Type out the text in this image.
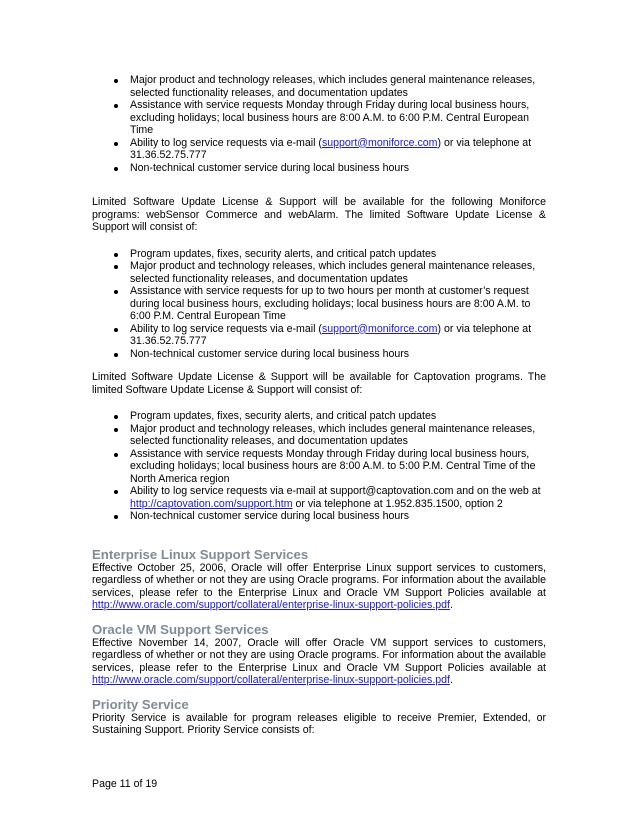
Major product and technology releases, which includes general maintenance releases, selected functionality releases, and documentation updates
Assistance with service requests Monday through Friday during local business hours, excluding holidays; local business hours are 8:00 A.M. to 6:00 P.M. Central European Time
Ability to log service requests via e-mail (support@moniforce.com) or via telephone at 31.36.52.75.777
Non-technical customer service during local business hours

Limited Software Update License & Support will be available for the following Moniforce programs: webSensor Commerce and webAlarm. The limited Software Update License & Support will consist of:

Program updates, fixes, security alerts, and critical patch updates
Major product and technology releases, which includes general maintenance releases, selected functionality releases, and documentation updates
Assistance with service requests for up to two hours per month at customer’s request during local business hours, excluding holidays; local business hours are 8:00 A.M. to 6:00 P.M. Central European Time
Ability to log service requests via e-mail (support@moniforce.com) or via telephone at 31.36.52.75.777
Non-technical customer service during local business hours

Limited Software Update License & Support will be available for Captovation programs. The limited Software Update License & Support will consist of:

Program updates, fixes, security alerts, and critical patch updates
Major product and technology releases, which includes general maintenance releases, selected functionality releases, and documentation updates
Assistance with service requests Monday through Friday during local business hours, excluding holidays; local business hours are 8:00 A.M. to 5:00 P.M. Central Time of the North America region
Ability to log service requests via e-mail at support@captovation.com and on the web at http://captovation.com/support.htm or via telephone at 1.952.835.1500, option 2
Non-technical customer service during local business hours
Enterprise Linux Support Services

Effective October 25, 2006, Oracle will offer Enterprise Linux support services to customers, regardless of whether or not they are using Oracle programs. For information about the available services, please refer to the Enterprise Linux and Oracle VM Support Policies available at http://www.oracle.com/support/collateral/enterprise-linux-support-policies.pdf.

Oracle VM Support Services

Effective November 14, 2007, Oracle will offer Oracle VM support services to customers, regardless of whether or not they are using Oracle programs. For information about the available services, please refer to the Enterprise Linux and Oracle VM Support Policies available at http://www.oracle.com/support/collateral/enterprise-linux-support-policies.pdf.

Priority Service

Priority Service is available for program releases eligible to receive Premier, Extended, or Sustaining Support. Priority Service consists of:

Page 11 of 19
